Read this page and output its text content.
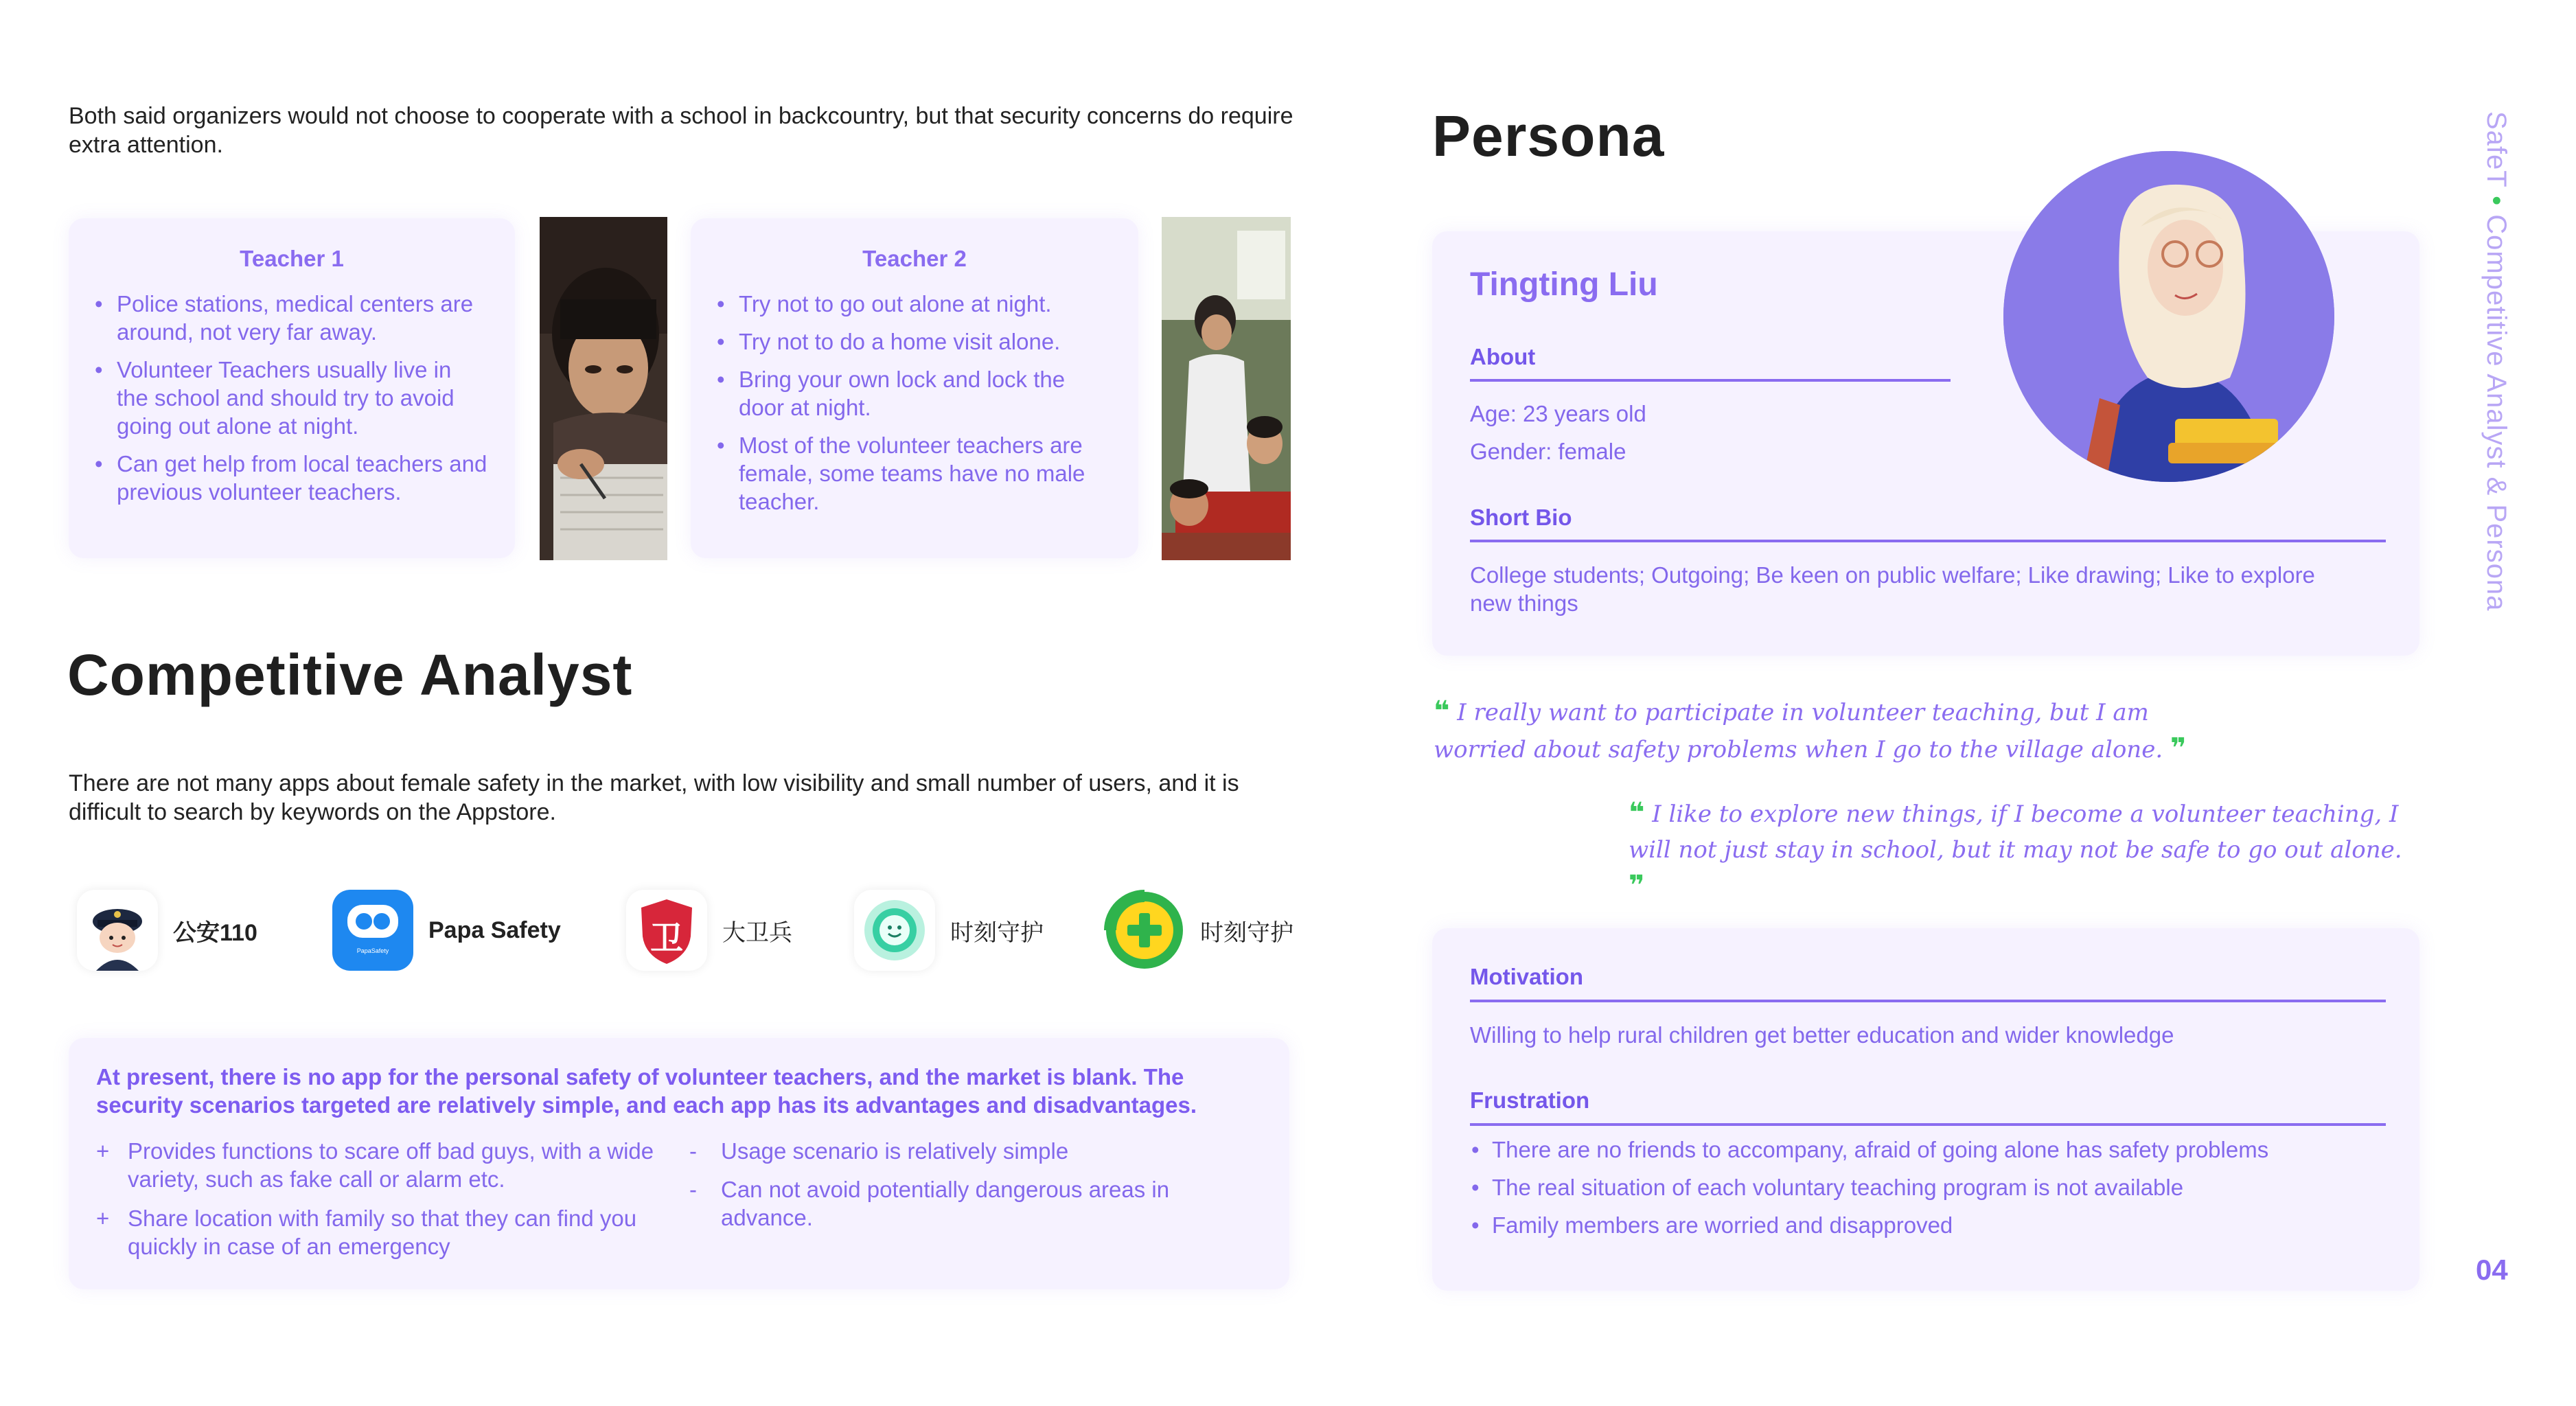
Both said organizers would not choose to cooperate with a school in backcountry, but that security concerns do require extra attention.
Teacher 1
• Police stations, medical centers are around, not very far away.
• Volunteer Teachers usually live in the school and should try to avoid going out alone at night.
• Can get help from local teachers and previous volunteer teachers.
Teacher 2
• Try not to go out alone at night.
• Try not to do a home visit alone.
• Bring your own lock and lock the door at night.
• Most of the volunteer teachers are female, some teams have no male teacher.
Competitive Analyst
There are not many apps about female safety in the market, with low visibility and small number of users, and it is difficult to search by keywords on the Appstore.
公安110
PapaSafety
Papa Safety	卫	大卫兵	时刻守护	时刻守护
At present, there is no app for the personal safety of volunteer teachers, and the market is blank. The security scenarios targeted are relatively simple, and each app has its advantages and disadvantages.
+ Provides functions to scare off bad guys, with a wide variety, such as fake call or alarm etc.
+ Share location with family so that they can find you quickly in case of an emergency
- Usage scenario is relatively simple
- Can not avoid potentially dangerous areas in advance.
Persona
Tingting Liu
About
Age: 23 years old
Gender: female
Short Bio
College students; Outgoing; Be keen on public welfare; Like drawing; Like to explore new things
❝ I really want to participate in volunteer teaching, but I am worried about safety problems when I go to the village alone. ❞
❝ I like to explore new things, if I become a volunteer teaching, I will not just stay in school, but it may not be safe to go out alone. ❞
Motivation
Willing to help rural children get better education and wider knowledge
Frustration
• There are no friends to accompany, afraid of going alone has safety problems
• The real situation of each voluntary teaching program is not available
• Family members are worried and disapproved
SafeT • Competitive Analyst & Persona
04
